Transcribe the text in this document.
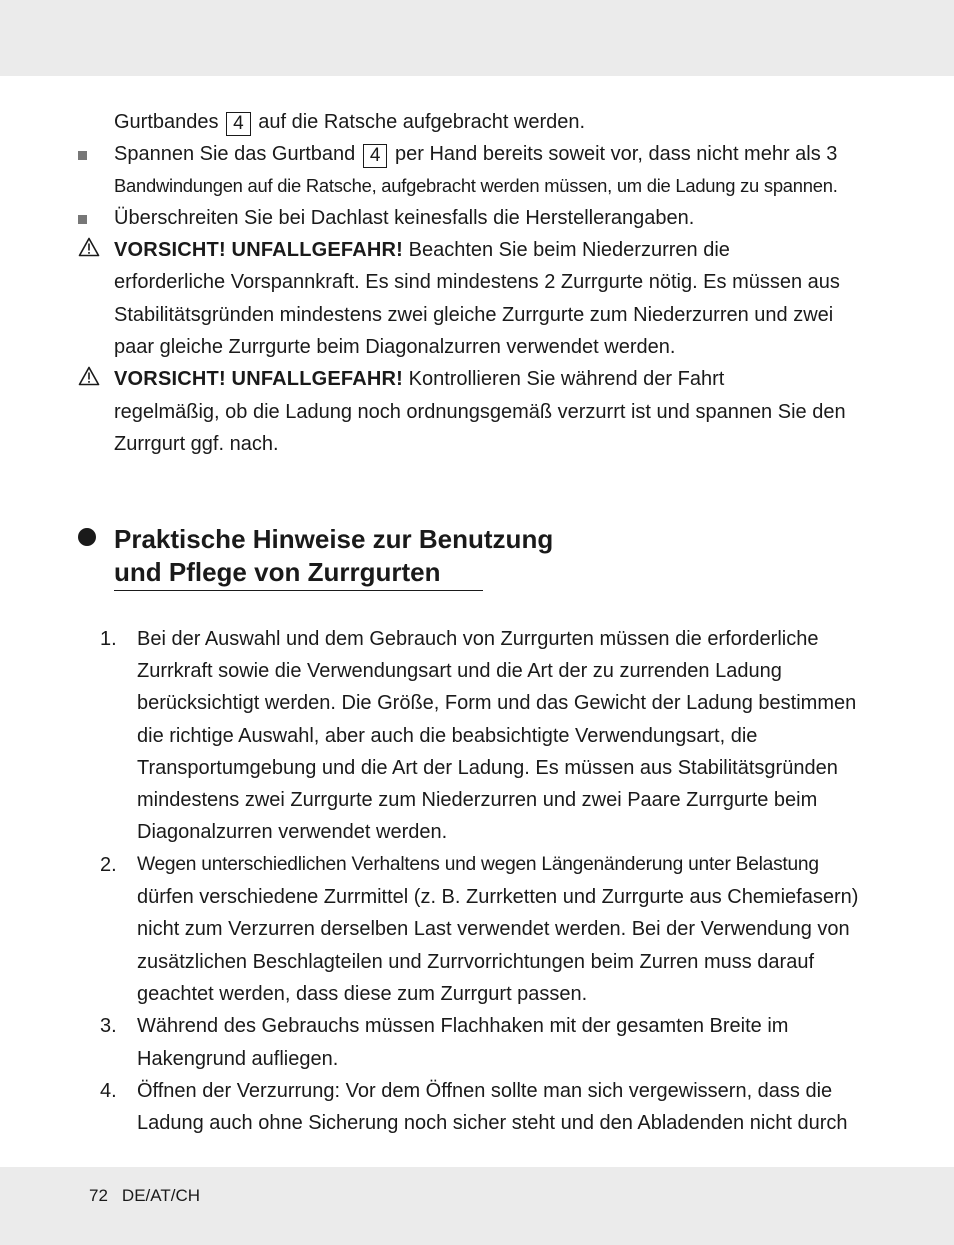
Gurtbandes 4 auf die Ratsche aufgebracht werden.
Spannen Sie das Gurtband 4 per Hand bereits soweit vor, dass nicht mehr als 3
Bandwindungen auf die Ratsche, aufgebracht werden müssen, um die Ladung zu spannen.
Überschreiten Sie bei Dachlast keinesfalls die Herstellerangaben.
VORSICHT! UNFALLGEFAHR! Beachten Sie beim Niederzurren die
erforderliche Vorspannkraft. Es sind mindestens 2 Zurrgurte nötig. Es müssen aus
Stabilitätsgründen mindestens zwei gleiche Zurrgurte zum Niederzurren und zwei
paar gleiche Zurrgurte beim Diagonalzurren verwendet werden.
VORSICHT! UNFALLGEFAHR! Kontrollieren Sie während der Fahrt
regelmäßig, ob die Ladung noch ordnungsgemäß verzurrt ist und spannen Sie den
Zurrgurt ggf. nach.
Praktische Hinweise zur Benutzung
und Pflege von Zurrgurten
1. Bei der Auswahl und dem Gebrauch von Zurrgurten müssen die erforderliche
Zurrkraft sowie die Verwendungsart und die Art der zu zurrenden Ladung
berücksichtigt werden. Die Größe, Form und das Gewicht der Ladung bestimmen
die richtige Auswahl, aber auch die beabsichtigte Verwendungsart, die
Transportumgebung und die Art der Ladung. Es müssen aus Stabilitätsgründen
mindestens zwei Zurrgurte zum Niederzurren und zwei Paare Zurrgurte beim
Diagonalzurren verwendet werden.
2. Wegen unterschiedlichen Verhaltens und wegen Längenänderung unter Belastung
dürfen verschiedene Zurrmittel (z. B. Zurrketten und Zurrgurte aus Chemiefasern)
nicht zum Verzurren derselben Last verwendet werden. Bei der Verwendung von
zusätzlichen Beschlagteilen und Zurrvorrichtungen beim Zurren muss darauf
geachtet werden, dass diese zum Zurrgurt passen.
3. Während des Gebrauchs müssen Flachhaken mit der gesamten Breite im
Hakengrund aufliegen.
4. Öffnen der Verzurrung: Vor dem Öffnen sollte man sich vergewissern, dass die
Ladung auch ohne Sicherung noch sicher steht und den Abladenden nicht durch
72 DE/AT/CH
